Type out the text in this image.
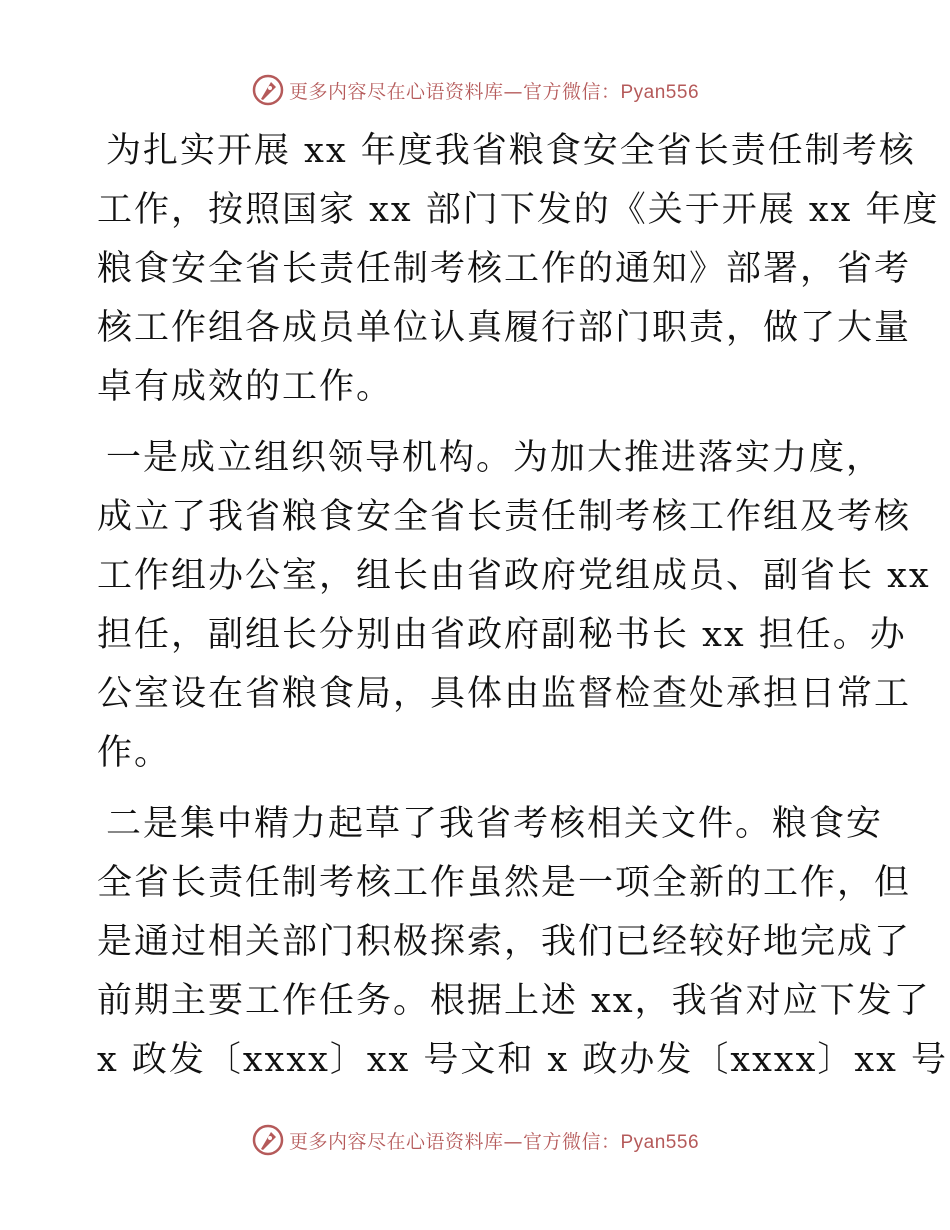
更多内容尽在心语资料库—官方微信：Pyan556
为扎实开展 xx 年度我省粮食安全省长责任制考核
工作，按照国家 xx 部门下发的《关于开展 xx 年度
粮食安全省长责任制考核工作的通知》部署，省考
核工作组各成员单位认真履行部门职责，做了大量
卓有成效的工作。
一是成立组织领导机构。为加大推进落实力度，
成立了我省粮食安全省长责任制考核工作组及考核
工作组办公室，组长由省政府党组成员、副省长 xx
担任，副组长分别由省政府副秘书长 xx 担任。办
公室设在省粮食局，具体由监督检查处承担日常工
作。
二是集中精力起草了我省考核相关文件。粮食安
全省长责任制考核工作虽然是一项全新的工作，但
是通过相关部门积极探索，我们已经较好地完成了
前期主要工作任务。根据上述 xx，我省对应下发了
x 政发〔xxxx〕xx 号文和 x 政办发〔xxxx〕xx 号
更多内容尽在心语资料库—官方微信：Pyan556
